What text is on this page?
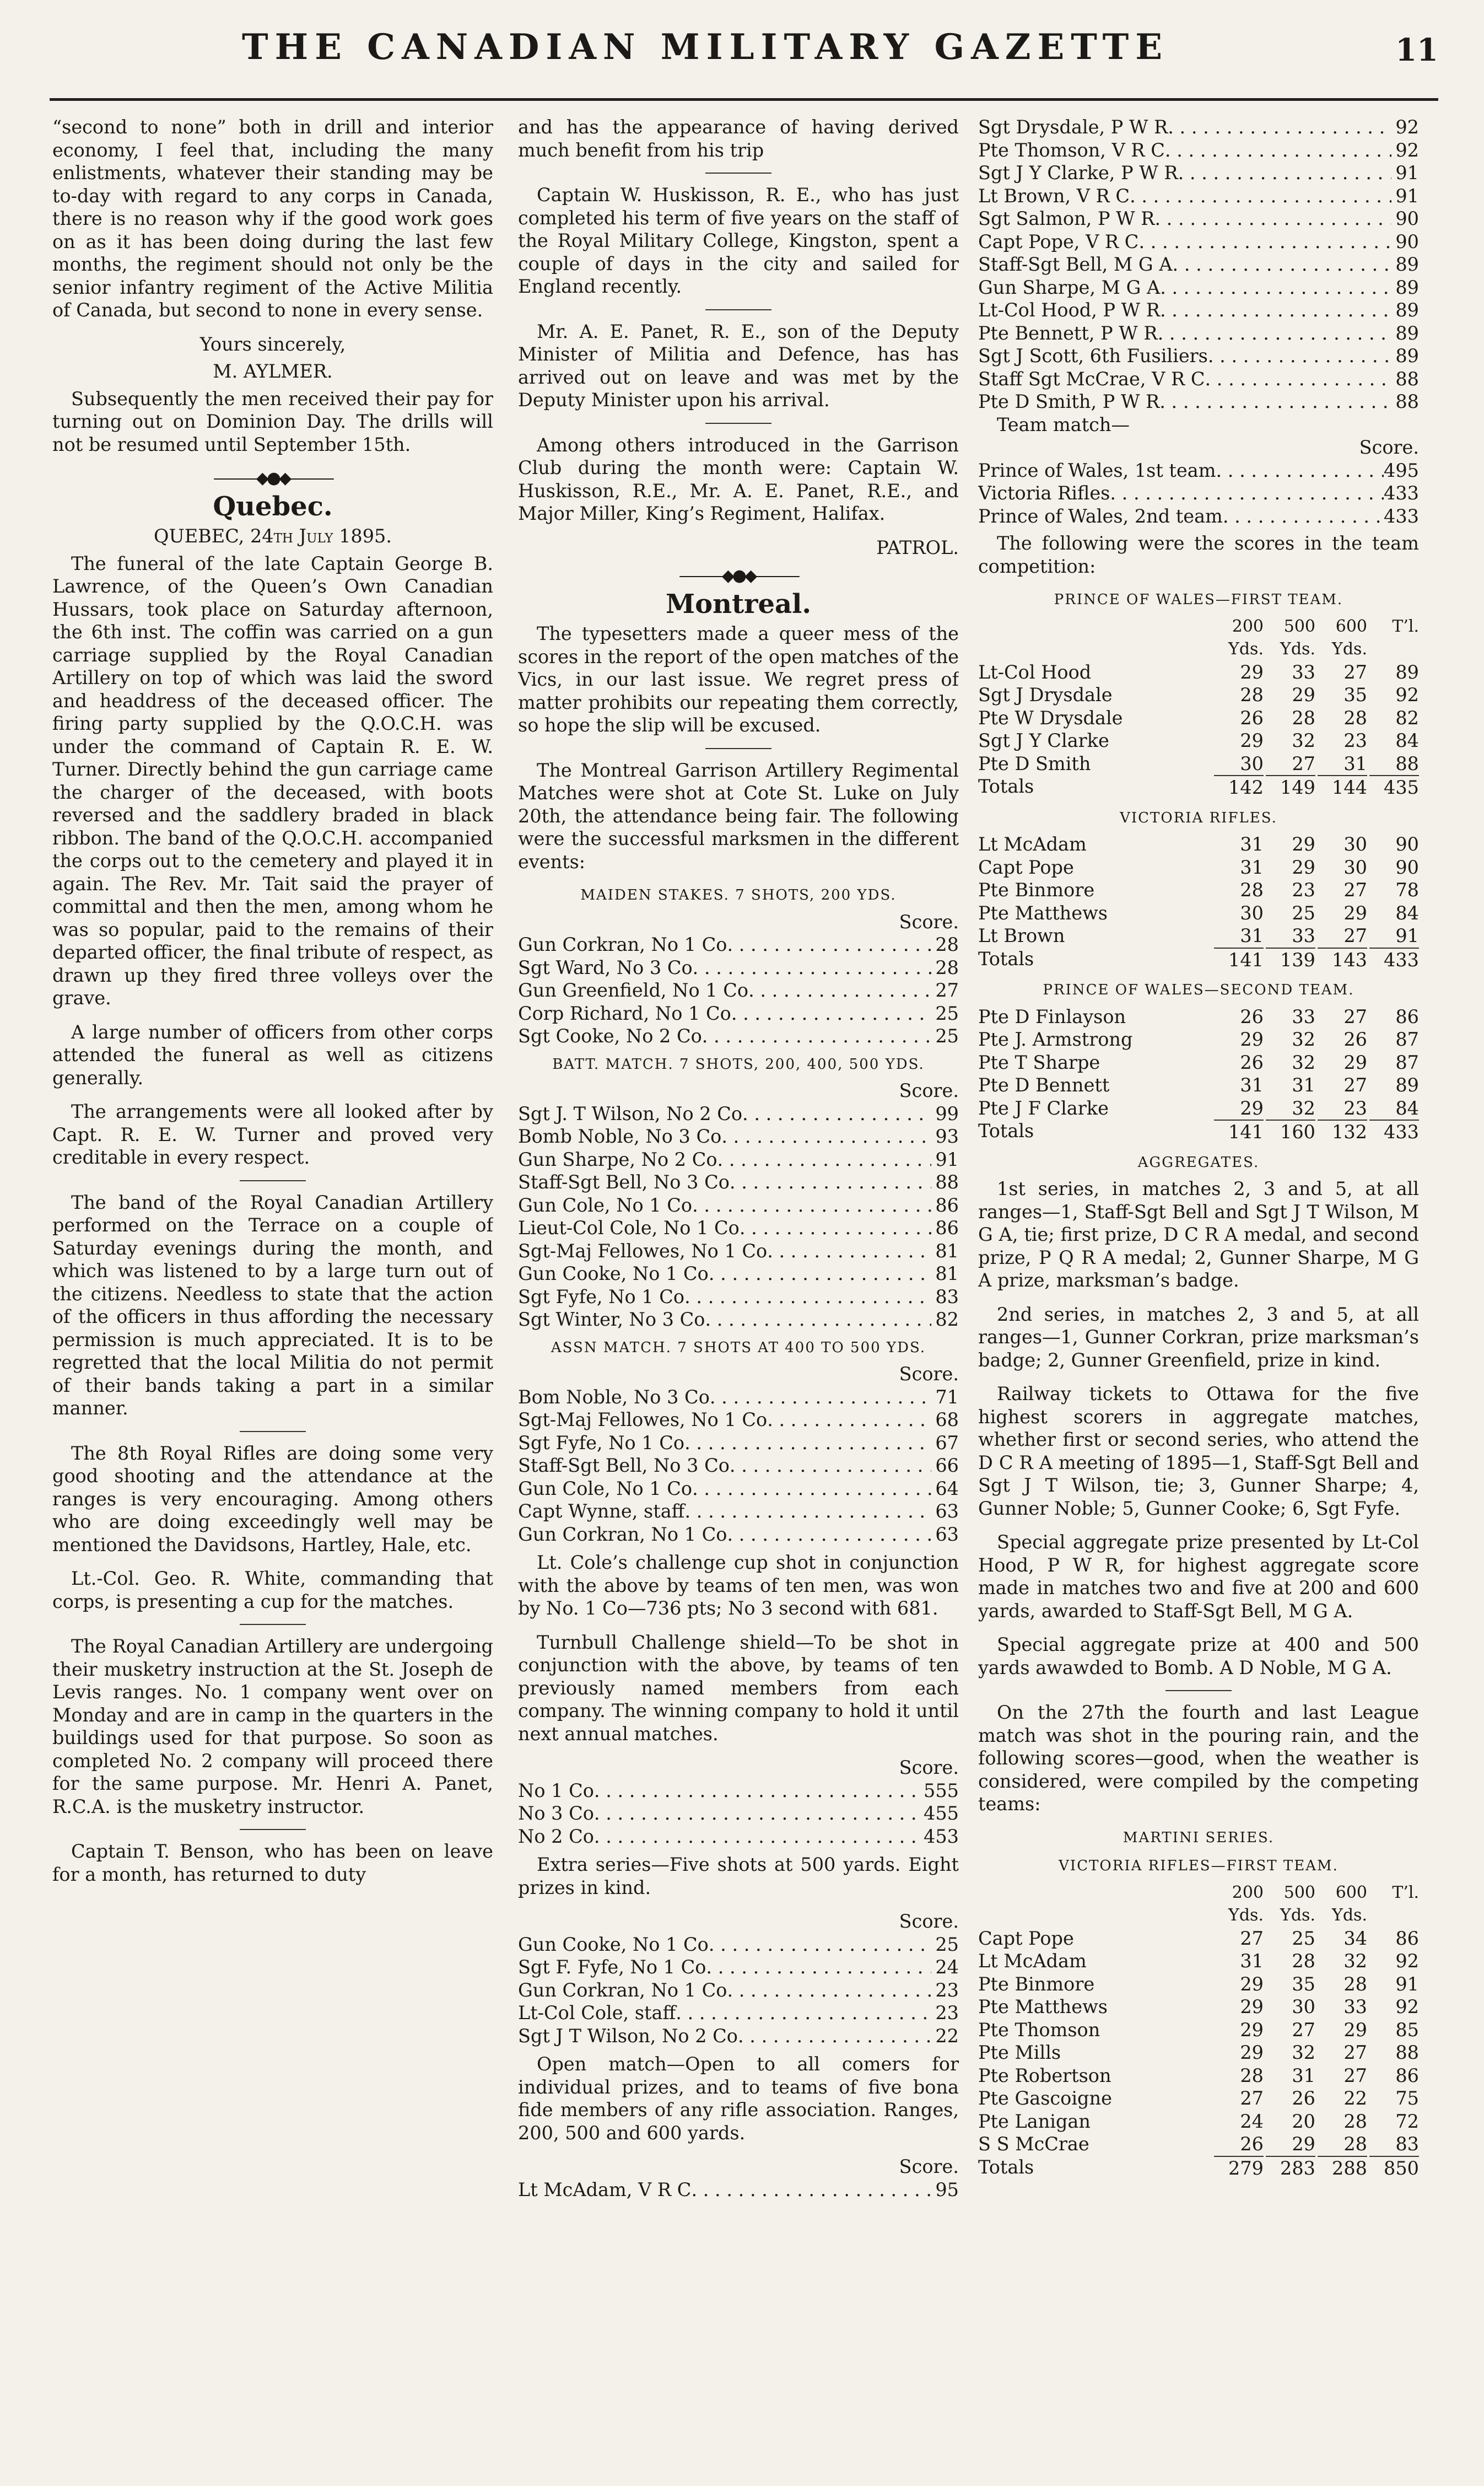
THE CANADIAN MILITARY GAZETTE	11

“second to none” both in drill and interior economy, I feel that, including the many enlistments, whatever their standing may be to-day with regard to any corps in Canada, there is no reason why if the good work goes on as it has been doing during the last few months, the regiment should not only be the senior infantry regiment of the Active Militia of Canada, but second to none in every sense.

Yours sincerely,
M. AYLMER.

Subsequently the men received their pay for turning out on Dominion Day. The drills will not be resumed until September 15th.

———◆●◆———
Quebec.
QUEBEC, 24th July 1895.

The funeral of the late Captain George B. Lawrence, of the Queen’s Own Canadian Hussars, took place on Saturday afternoon, the 6th inst. The coffin was carried on a gun carriage supplied by the Royal Canadian Artillery on top of which was laid the sword and headdress of the deceased officer. The firing party supplied by the Q.O.C.H. was under the command of Captain R. E. W. Turner. Directly behind the gun carriage came the charger of the deceased, with boots reversed and the saddlery braded in black ribbon. The band of the Q.O.C.H. accompanied the corps out to the cemetery and played it in again. The Rev. Mr. Tait said the prayer of committal and then the men, among whom he was so popular, paid to the remains of their departed officer, the final tribute of respect, as drawn up they fired three volleys over the grave.

A large number of officers from other corps attended the funeral as well as citizens generally.

The arrangements were all looked after by Capt. R. E. W. Turner and proved very creditable in every respect.

The band of the Royal Canadian Artillery performed on the Terrace on a couple of Saturday evenings during the month, and which was listened to by a large turn out of the citizens. Needless to state that the action of the officers in thus affording the necessary permission is much appreciated. It is to be regretted that the local Militia do not permit of their bands taking a part in a similar manner.

The 8th Royal Rifles are doing some very good shooting and the attendance at the ranges is very encouraging. Among others who are doing exceedingly well may be mentioned the Davidsons, Hartley, Hale, etc.

Lt.-Col. Geo. R. White, commanding that corps, is presenting a cup for the matches.

The Royal Canadian Artillery are undergoing their musketry instruction at the St. Joseph de Levis ranges. No. 1 company went over on Monday and are in camp in the quarters in the buildings used for that purpose. So soon as completed No. 2 company will proceed there for the same purpose. Mr. Henri A. Panet, R.C.A. is the musketry instructor.

Captain T. Benson, who has been on leave for a month, has returned to duty

and has the appearance of having derived much benefit from his trip

Captain W. Huskisson, R. E., who has just completed his term of five years on the staff of the Royal Military College, Kingston, spent a couple of days in the city and sailed for England recently.

Mr. A. E. Panet, R. E., son of the Deputy Minister of Militia and Defence, has has arrived out on leave and was met by the Deputy Minister upon his arrival.

Among others introduced in the Garrison Club during the month were: Captain W. Huskisson, R.E., Mr. A. E. Panet, R.E., and Major Miller, King’s Regiment, Halifax.

PATROL.
———◆●◆———
Montreal.

The typesetters made a queer mess of the scores in the report of the open matches of the Vics, in our last issue. We regret press of matter prohibits our repeating them correctly, so hope the slip will be excused.

The Montreal Garrison Artillery Regimental Matches were shot at Cote St. Luke on July 20th, the attendance being fair. The following were the successful marksmen in the different events:

MAIDEN STAKES. 7 SHOTS, 200 YDS.
Score.
Gun Corkran, No 1 Co . . .	28
Sgt Ward, No 3 Co . . .	28
Gun Greenfield, No 1 Co . . .	27
Corp Richard, No 1 Co . . .	25
Sgt Cooke, No 2 Co . . .	25
BATT. MATCH. 7 SHOTS, 200, 400, 500 YDS.
Score.
Sgt J. T Wilson, No 2 Co . . .	99
Bomb Noble, No 3 Co . . .	93
Gun Sharpe, No 2 Co . . .	91
Staff-Sgt Bell, No 3 Co . . .	88
Gun Cole, No 1 Co . . .	86
Lieut-Col Cole, No 1 Co . . .	86
Sgt-Maj Fellowes, No 1 Co . . .	81
Gun Cooke, No 1 Co . . .	81
Sgt Fyfe, No 1 Co . . .	83
Sgt Winter, No 3 Co . . .	82
ASSN MATCH. 7 SHOTS AT 400 TO 500 YDS.
Score.
Bom Noble, No 3 Co . . .	71
Sgt-Maj Fellowes, No 1 Co . . .	68
Sgt Fyfe, No 1 Co . . .	67
Staff-Sgt Bell, No 3 Co . . .	66
Gun Cole, No 1 Co . . .	64
Capt Wynne, staff . . .	63
Gun Corkran, No 1 Co . . .	63

Lt. Cole’s challenge cup shot in conjunction with the above by teams of ten men, was won by No. 1 Co—736 pts; No 3 second with 681.

Turnbull Challenge shield—To be shot in conjunction with the above, by teams of ten previously named members from each company. The winning company to hold it until next annual matches.

Score.
No 1 Co . . .	555
No 3 Co . . .	455
No 2 Co . . .	453

Extra series—Five shots at 500 yards. Eight prizes in kind.

Score.
Gun Cooke, No 1 Co . . .	25
Sgt F. Fyfe, No 1 Co . . .	24
Gun Corkran, No 1 Co . . .	23
Lt-Col Cole, staff . . .	23
Sgt J T Wilson, No 2 Co . . .	22

Open match—Open to all comers for individual prizes, and to teams of five bona fide members of any rifle association. Ranges, 200, 500 and 600 yards.

Score.
Lt McAdam, V R C . . .	95
Sgt Drysdale, P W R . . .	92
Pte Thomson, V R C . . .	92
Sgt J Y Clarke, P W R . . .	91
Lt Brown, V R C . . .	91
Sgt Salmon, P W R . . .	90
Capt Pope, V R C . . .	90
Staff-Sgt Bell, M G A . . .	89
Gun Sharpe, M G A . . .	89
Lt-Col Hood, P W R . . .	89
Pte Bennett, P W R . . .	89
Sgt J Scott, 6th Fusiliers . . .	89
Staff Sgt McCrae, V R C . . .	88
Pte D Smith, P W R . . .	88
Team match—
Score.
Prince of Wales, 1st team . . .	495
Victoria Rifles . . .	433
Prince of Wales, 2nd team . . .	433

The following were the scores in the team competition:

PRINCE OF WALES—FIRST TEAM.
200	500	600	T’l.
Yds.	Yds.	Yds.
Lt-Col Hood	29	33	27	89
Sgt J Drysdale	28	29	35	92
Pte W Drysdale	26	28	28	82
Sgt J Y Clarke	29	32	23	84
Pte D Smith	30	27	31	88
Totals	142 149 144 435
VICTORIA RIFLES.
Lt McAdam	31	29	30	90
Capt Pope	31	29	30	90
Pte Binmore	28	23	27	78
Pte Matthews	30	25	29	84
Lt Brown	31	33	27	91
Totals	141 139 143 433
PRINCE OF WALES—SECOND TEAM.
Pte D Finlayson	26	33	27	86
Pte J. Armstrong	29	32	26	87
Pte T Sharpe	26	32	29	87
Pte D Bennett	31	31	27	89
Pte J F Clarke	29	32	23	84
Totals	141 160 132 433
AGGREGATES.

1st series, in matches 2, 3 and 5, at all ranges—1, Staff-Sgt Bell and Sgt J T Wilson, M G A, tie; first prize, D C R A medal, and second prize, P Q R A medal; 2, Gunner Sharpe, M G A prize, marksman’s badge.

2nd series, in matches 2, 3 and 5, at all ranges—1, Gunner Corkran, prize marksman’s badge; 2, Gunner Greenfield, prize in kind.

Railway tickets to Ottawa for the five highest scorers in aggregate matches, whether first or second series, who attend the D C R A meeting of 1895—1, Staff-Sgt Bell and Sgt J T Wilson, tie; 3, Gunner Sharpe; 4, Gunner Noble; 5, Gunner Cooke; 6, Sgt Fyfe.

Special aggregate prize presented by Lt-Col Hood, P W R, for highest aggregate score made in matches two and five at 200 and 600 yards, awarded to Staff-Sgt Bell, M G A.

Special aggregate prize at 400 and 500 yards awawded to Bomb. A D Noble, M G A.

On the 27th the fourth and last League match was shot in the pouring rain, and the following scores—good, when the weather is considered, were compiled by the competing teams:

MARTINI SERIES.
VICTORIA RIFLES—FIRST TEAM.
200	500	600	T’l.
Yds.	Yds.	Yds.
Capt Pope	27	25	34	86
Lt McAdam	31	28	32	92
Pte Binmore	29	35	28	91
Pte Matthews	29	30	33	92
Pte Thomson	29	27	29	85
Pte Mills	29	32	27	88
Pte Robertson	28	31	27	86
Pte Gascoigne	27	26	22	75
Pte Lanigan	24	20	28	72
S S McCrae	26	29	28	83
Totals	279 283 288 850
